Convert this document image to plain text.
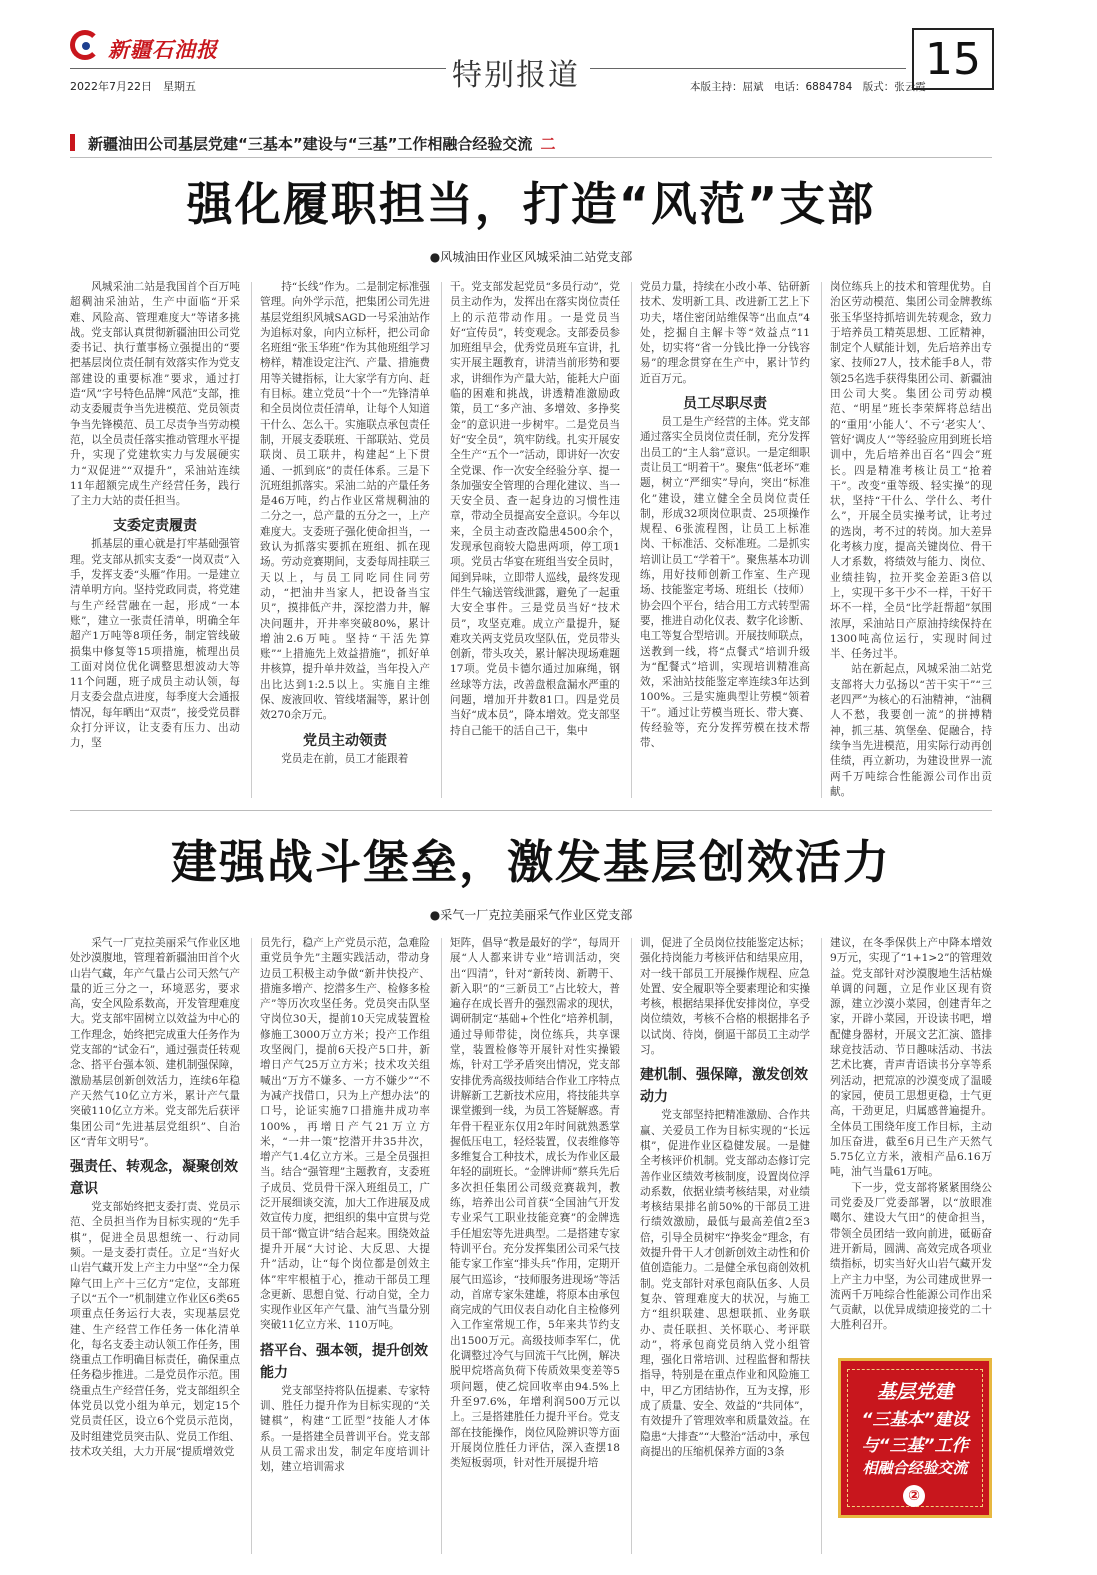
新疆石油报
2022年7月22日　星期五	特别报道	本版主持：屈斌　电话：6884784　版式：张云霞
15
新疆油田公司基层党建“三基本”建设与“三基”工作相融合经验交流 二
强化履职担当，打造“风范”支部
●风城油田作业区风城采油二站党支部

风城采油二站是我国首个百万吨超稠油采油站，生产中面临“开采难、风险高、管理难度大”等诸多挑战。党支部认真贯彻新疆油田公司党委书记、执行董事杨立强提出的“要把基层岗位责任制有效落实作为党支部建设的重要标准”要求，通过打造“风”字号特色品牌“风范”支部，推动支委履责争当先进模范、党员领责争当先锋模范、员工尽责争当劳动模范，以全员责任落实推动管理水平提升，实现了党建软实力与发展硬实力“双促进”“双提升”，采油站连续11年超额完成生产经营任务，践行了主力大站的责任担当。

支委定责履责

抓基层的重心就是打牢基础强管理。党支部从抓实支委“一岗双责”入手，发挥支委“头雁”作用。一是建立清单明方向。坚持党政同责，将党建与生产经营融在一起，形成“一本账”，建立一张责任清单，明确全年超产1万吨等8项任务，制定管线破损集中修复等15项措施，梳理出员工面对岗位优化调整思想波动大等11个问题，班子成员主动认领，每月支委会盘点进度，每季度大会通报情况，每年晒出“双责”，接受党员群众打分评议，让支委有压力、出动力，坚

持“长线”作为。二是制定标准强管理。向外学示范，把集团公司先进基层党组织风城SAGD一号采油站作为追标对象，向内立标杆，把公司命名班组“张玉华班”作为其他班组学习榜样，精准设定注汽、产量、措施费用等关键指标，让大家学有方向、赶有目标。建立党员“十个一”先锋清单和全员岗位责任清单，让每个人知道干什么、怎么干。实施联点承包责任制，开展支委联班、干部联站、党员联岗、员工联井，构建起“上下贯通、一抓到底”的责任体系。三是下沉班组抓落实。采油二站的产量任务是46万吨，约占作业区常规稠油的二分之一，总产量的五分之一，上产难度大。支委班子强化使命担当，一致认为抓落实要抓在班组、抓在现场。劳动竞赛期间，支委每周挂联三天以上，与员工同吃同住同劳动，“把油井当家人，把设备当宝贝”，摸排低产井，深挖潜力井，解决问题井，开井率突破80%，累计增油2.6万吨。坚持“干活先算账”“上措施先上效益措施”，抓好单井核算，提升单井效益，当年投入产出比达到1:2.5以上。实施自主维保、废液回收、管线堵漏等，累计创效270余万元。

党员主动领责

党员走在前，员工才能跟着

干。党支部发起党员“多员行动”，党员主动作为，发挥出在落实岗位责任上的示范带动作用。一是党员当好“宣传员”，转变观念。支部委员参加班组早会，优秀党员班车宣讲，扎实开展主题教育，讲清当前形势和要求，讲细作为产量大站，能耗大户面临的困难和挑战，讲透精准激励政策，员工“多产油、多增效、多挣奖金”的意识进一步树牢。二是党员当好“安全员”，筑牢防线。扎实开展安全生产“五个一”活动，即讲好一次安全党课、作一次安全经验分享、提一条加强安全管理的合理化建议、当一天安全员、查一起身边的习惯性违章，带动全员提高安全意识。今年以来，全员主动查改隐患4500余个，发现承包商较大隐患两项，停工项1项。党员古华宴在班组当安全员时，闻到异味，立即带人巡线，最终发现伴生气输送管线泄露，避免了一起重大安全事件。三是党员当好“技术员”，攻坚克难。成立产量提升，疑难攻关两支党员攻坚队伍，党员带头创新，带头攻关，累计解决现场难题17项。党员卡德尔通过加麻绳，钢丝球等方法，改善盘根盒漏水严重的问题，增加开井数81口。四是党员当好“成本员”，降本增效。党支部坚持自己能干的活自己干，集中

党员力量，持续在小改小革、钻研新技术、发明新工具、改进新工艺上下功夫，堵住密闭站维保等“出血点”4处，挖掘自主解卡等“效益点”11处，切实将“省一分钱比挣一分钱容易”的理念贯穿在生产中，累计节约近百万元。

员工尽职尽责

员工是生产经营的主体。党支部通过落实全员岗位责任制，充分发挥出员工的“主人翁”意识。一是定细职责让员工“明着干”。聚焦“低老坏”难题，树立“严细实”导向，突出“标准化”建设，建立健全全员岗位责任制，形成32项岗位职责、25项操作规程、6张流程图，让员工上标准岗、干标准活、交标准班。二是抓实培训让员工“学着干”。聚焦基本功训练，用好技师创新工作室、生产现场、技能鉴定考场、班组长（技师）协会四个平台，结合用工方式转型需要，推进自动化仪表、数字化诊断、电工等复合型培训。开展技师联点，送教到一线，将“点餐式”培训升级为“配餐式”培训，实现培训精准高效，采油站技能鉴定率连续3年达到100%。三是实施典型让劳模“领着干”。通过让劳模当班长、带大赛、传经验等，充分发挥劳模在技术帮带、

岗位练兵上的技术和管理优势。自治区劳动模范、集团公司金牌教练张玉华坚持抓培训先转观念，致力于培养员工精英思想、工匠精神，制定个人赋能计划，先后培养出专家、技师27人，技术能手8人，带领25名选手获得集团公司、新疆油田公司大奖。集团公司劳动模范、“明星”班长李荣辉将总结出的“重用‘小能人’、不亏‘老实人’、管好‘调皮人’”等经验应用到班长培训中，先后培养出百名“四会”班长。四是精准考核让员工“抢着干”。改变“重等级、轻实操”的现状，坚持“干什么、学什么、考什么”，开展全员实操考试，让考过的选岗，考不过的转岗。加大差异化考核力度，提高关键岗位、骨干人才系数，将绩效与能力、岗位、业绩挂钩，拉开奖金差距3倍以上，实现干多干少不一样，干好干坏不一样，全员“比学赶帮超”氛围浓厚，采油站日产原油持续保持在1300吨高位运行，实现时间过半、任务过半。

站在新起点，风城采油二站党支部将大力弘扬以“苦干实干”“三老四严”为核心的石油精神，“油稠人不愁，我要创一流”的拼搏精神，抓三基、筑堡垒、促融合，持续争当先进模范，用实际行动再创佳绩，再立新功，为建设世界一流两千万吨综合性能源公司作出贡献。

建强战斗堡垒，激发基层创效活力
●采气一厂克拉美丽采气作业区党支部

采气一厂克拉美丽采气作业区地处沙漠腹地，管理着新疆油田首个火山岩气藏，年产气量占公司天然气产量的近三分之一，环境恶劣，要求高，安全风险系数高，开发管理难度大。党支部牢固树立以效益为中心的工作理念，始终把完成重大任务作为党支部的“试金石”，通过强责任转观念、搭平台强本领、建机制强保障，激励基层创新创效活力，连续6年稳产天然气10亿立方米，累计产气量突破110亿立方米。党支部先后获评集团公司“先进基层党组织”、自治区“青年文明号”。

强责任、转观念，凝聚创效意识

党支部始终把支委打责、党员示范、全员担当作为目标实现的“先手棋”，促进全员思想统一、行动同频。一是支委打责任。立足“当好火山岩气藏开发上产主力中坚”“全力保障气田上产十三亿方”定位，支部班子以“五个一”机制建立作业区6类65项重点任务运行大表，实现基层党建、生产经营工作任务一体化清单化，每名支委主动认领工作任务，围绕重点工作明确目标责任，确保重点任务稳步推进。二是党员作示范。围绕重点生产经营任务，党支部组织全体党员以党小组为单元，划定15个党员责任区，设立6个党员示范岗，及时组建党员突击队、党员工作组、技术攻关组，大力开展“提质增效党

员先行，稳产上产党员示范，急难险重党员争先”主题实践活动，带动身边员工积极主动争做“新井快投产、措施多增产、挖潜多生产、检修多检产”等历次攻坚任务。党员突击队坚守岗位30天，提前10天完成装置检修施工3000万立方米；投产工作组攻坚阀门，提前6天投产5口井，新增日产气25万立方米；技术攻关组喊出“万方不嫌多、一方不嫌少”“不为减产找借口，只为上产想办法”的口号，论证实施7口措施井成功率100%，再增日产气21万立方米，“一井一策”挖潜开井35井次，增产气1.4亿立方米。三是全员强担当。结合“强管理”主题教育，支委班子成员、党员骨干深入班组员工，广泛开展细谈交流，加大工作进展及成效宣传力度，把组织的集中宣贯与党员干部“微宣讲”结合起来。围绕效益提升开展“大讨论、大反思、大提升”活动，让“每个岗位都是创效主体”牢牢根植于心，推动干部员工理念更新、思想自觉、行动自觉，全力实现作业区年产气量、油气当量分别突破11亿立方米、110万吨。

搭平台、强本领，提升创效能力

党支部坚持将队伍提素、专家特训、胜任力提升作为目标实现的“关键棋”，构建“工匠型”技能人才体系。一是搭建全员普训平台。党支部从员工需求出发，制定年度培训计划，建立培训需求

矩阵，倡导“教是最好的学”，每周开展“人人都来讲专业”培训活动，突出“四清”，针对“新转岗、新聘干、新入职”的“三新员工”占比较大，普遍存在成长晋升的强烈需求的现状，调研制定“基础+个性化”培养机制，通过导师带徒，岗位练兵，共享课堂，装置检修等开展针对性实操锻炼，针对工学矛盾突出情况，党支部安排优秀高级技师结合作业工序特点讲解新工艺新技术应用，将技能共享课堂搬到一线，为员工答疑解惑。青年骨干程亚东仅用2年时间就熟悉掌握低压电工，轻烃装置，仪表维修等多维复合工种技术，成长为作业区最年轻的副班长。“金牌讲师”蔡兵先后多次担任集团公司级竞赛裁判，教练，培养出公司首获“全国油气开发专业采气工职业技能竞赛”的金牌选手任旭宏等先进典型。二是搭建专家特训平台。充分发挥集团公司采气技能专家工作室“排头兵”作用，定期开展气田巡诊，“技师服务进现场”等活动，首席专家朱建雄，将原本由承包商完成的气田仪表自动化自主检修列入工作室常规工作，5年来共节约支出1500万元。高级技师李军仁，优化调整过冷气与回流干气比例，解决脱甲烷塔高负荷下传质效果变差等5项问题，使乙烷回收率由94.5%上升至97.6%，年增利润500万元以上。三是搭建胜任力提升平台。党支部在技能操作，岗位风险辨识等方面开展岗位胜任力评估，深入查摆18类短板弱项，针对性开展提升培

训，促进了全员岗位技能鉴定达标；强化持岗能力考核评估和结果应用，对一线干部员工开展操作规程、应急处置、安全履职等全要素理论和实操考核，根据结果择优安排岗位，享受岗位绩效，考核不合格的根据排名予以试岗、待岗，倒逼干部员工主动学习。

建机制、强保障，激发创效动力

党支部坚持把精准激励、合作共赢、关爱员工作为目标实现的“长远棋”，促进作业区稳健发展。一是健全考核评价机制。党支部动态修订完善作业区绩效考核制度，设置岗位浮动系数，依据业绩考核结果，对业绩考核结果排名前50%的干部员工进行绩效激励，最低与最高差值2至3倍，引导全员树牢“挣奖金”理念，有效提升骨干人才创新创效主动性和价值创造能力。二是健全承包商创效机制。党支部针对承包商队伍多、人员复杂、管理难度大的状况，与施工方“组织联建、思想联抓、业务联办、责任联担、关怀联心、考评联动”，将承包商党员纳入党小组管理，强化日常培训、过程监督和帮扶指导，特别是在重点作业和风险施工中，甲乙方团结协作，互为支撑，形成了质量、安全、效益的“共同体”，有效提升了管理效率和质量效益。在隐患“大排查”“大整治”活动中，承包商提出的压缩机保养方面的3条

建议，在冬季保供上产中降本增效9万元，实现了“1+1>2”的管理效益。党支部针对沙漠腹地生活枯燥单调的问题，立足作业区现有资源，建立沙漠小菜园，创建青年之家，开辟小菜园，开设读书吧，增配健身器材，开展文艺汇演、篮排球竞技活动、节日趣味活动、书法艺术比赛，青声青语读书分享等系列活动，把荒凉的沙漠变成了温暖的家园，使员工思想更稳，士气更高，干劲更足，归属感普遍提升。全体员工围绕年度工作目标，主动加压奋进，截至6月已生产天然气5.75亿立方米，液相产品6.16万吨，油气当量61万吨。

下一步，党支部将紧紧围绕公司党委及厂党委部署，以“放眼准噶尔、建设大气田”的使命担当，带领全员团结一致向前进，砥砺奋进开新局，圆满、高效完成各项业绩指标，切实当好火山岩气藏开发上产主力中坚，为公司建成世界一流两千万吨综合性能源公司作出采气贡献，以优异成绩迎接党的二十大胜利召开。

基层党建
“三基本”建设
与“三基”工作
相融合经验交流
②
